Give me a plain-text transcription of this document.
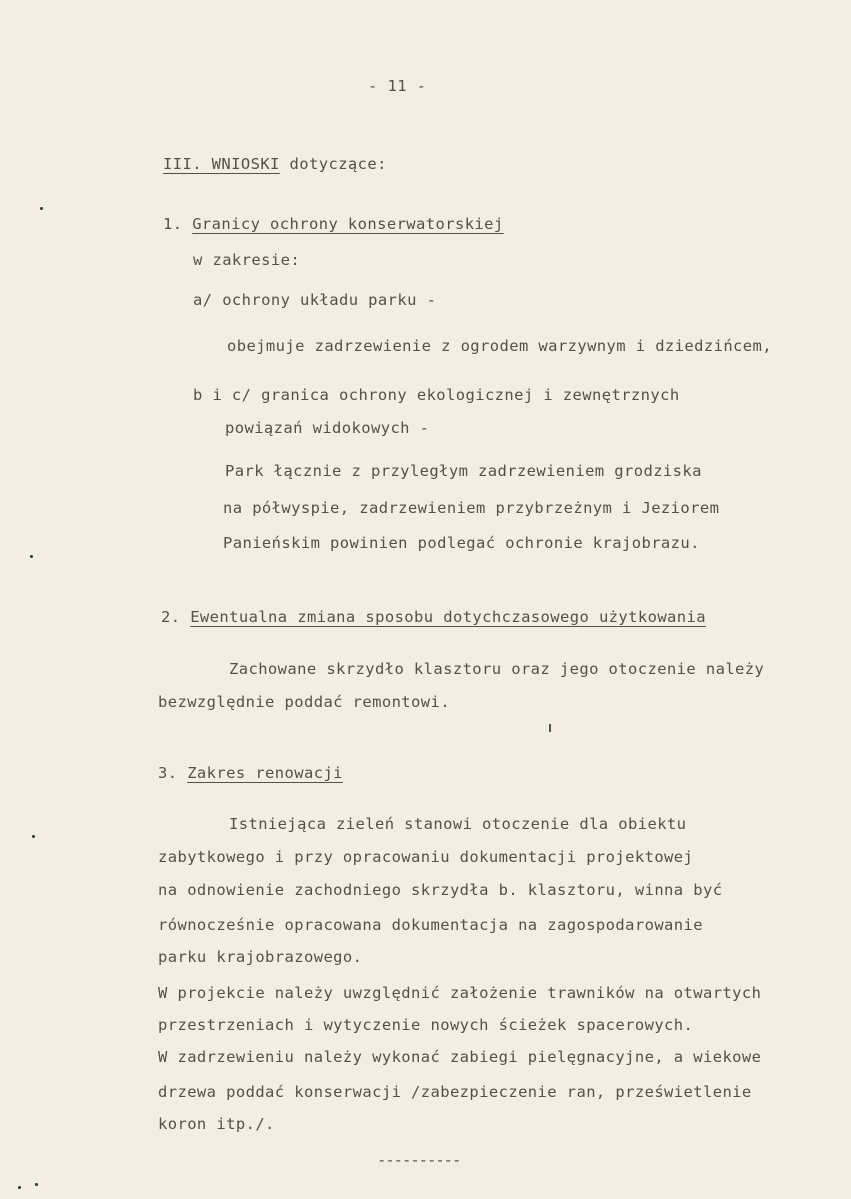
- 11 -
III. WNIOSKI dotyczące:
1. Granicy ochrony konserwatorskiej
w zakresie:
a/ ochrony układu parku -
obejmuje zadrzewienie z ogrodem warzywnym i dziedzińcem,
b i c/ granica ochrony ekologicznej i zewnętrznych
powiązań widokowych -
Park łącznie z przyległym zadrzewieniem grodziska
na półwyspie, zadrzewieniem przybrzeżnym i Jeziorem
Panieńskim powinien podlegać ochronie krajobrazu.
2. Ewentualna zmiana sposobu dotychczasowego użytkowania
Zachowane skrzydło klasztoru oraz jego otoczenie należy
bezwzględnie poddać remontowi.
3. Zakres renowacji
Istniejąca zieleń stanowi otoczenie dla obiektu
zabytkowego i przy opracowaniu dokumentacji projektowej
na odnowienie zachodniego skrzydła b. klasztoru, winna być
równocześnie opracowana dokumentacja na zagospodarowanie
parku krajobrazowego.
W projekcie należy uwzględnić założenie trawników na otwartych
przestrzeniach i wytyczenie nowych ścieżek spacerowych.
W zadrzewieniu należy wykonać zabiegi pielęgnacyjne, a wiekowe
drzewa poddać konserwacji /zabezpieczenie ran, prześwietlenie
koron itp./.
----------
